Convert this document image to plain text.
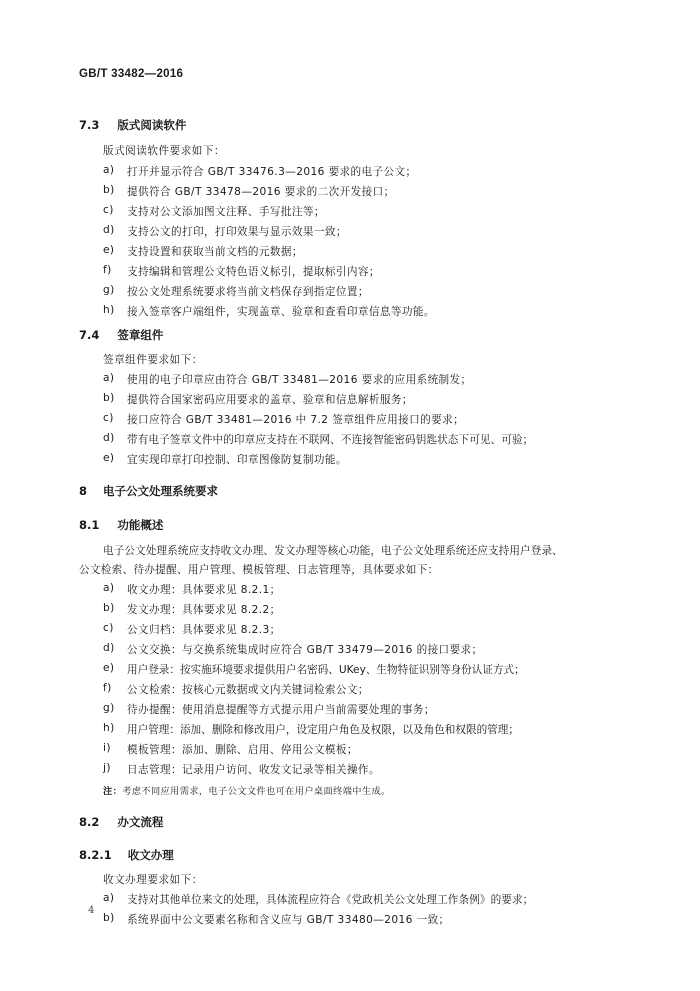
GB/T 33482—2016
7.3 版式阅读软件
版式阅读软件要求如下：
a) 打开并显示符合 GB/T 33476.3—2016 要求的电子公文；
b) 提供符合 GB/T 33478—2016 要求的二次开发接口；
c) 支持对公文添加图文注释、手写批注等；
d) 支持公文的打印，打印效果与显示效果一致；
e) 支持设置和获取当前文档的元数据；
f) 支持编辑和管理公文特色语义标引，提取标引内容；
g) 按公文处理系统要求将当前文档保存到指定位置；
h) 接入签章客户端组件，实现盖章、验章和查看印章信息等功能。
7.4 签章组件
签章组件要求如下：
a) 使用的电子印章应由符合 GB/T 33481—2016 要求的应用系统制发；
b) 提供符合国家密码应用要求的盖章、验章和信息解析服务；
c) 接口应符合 GB/T 33481—2016 中 7.2 签章组件应用接口的要求；
d) 带有电子签章文件中的印章应支持在不联网、不连接智能密码钥匙状态下可见、可验；
e) 宜实现印章打印控制、印章图像防复制功能。
8 电子公文处理系统要求
8.1 功能概述
电子公文处理系统应支持收文办理、发文办理等核心功能，电子公文处理系统还应支持用户登录、
公文检索、待办提醒、用户管理、模板管理、日志管理等，具体要求如下：
a) 收文办理：具体要求见 8.2.1；
b) 发文办理：具体要求见 8.2.2；
c) 公文归档：具体要求见 8.2.3；
d) 公文交换：与交换系统集成时应符合 GB/T 33479—2016 的接口要求；
e) 用户登录：按实施环境要求提供用户名密码、UKey、生物特征识别等身份认证方式；
f) 公文检索：按核心元数据或文内关键词检索公文；
g) 待办提醒：使用消息提醒等方式提示用户当前需要处理的事务；
h) 用户管理：添加、删除和修改用户，设定用户角色及权限，以及角色和权限的管理；
i) 模板管理：添加、删除、启用、停用公文模板；
j) 日志管理：记录用户访问、收发文记录等相关操作。
注：考虑不同应用需求，电子公文文件也可在用户桌面终端中生成。
8.2 办文流程
8.2.1 收文办理
收文办理要求如下：
a) 支持对其他单位来文的处理，具体流程应符合《党政机关公文处理工作条例》的要求；
b) 系统界面中公文要素名称和含义应与 GB/T 33480—2016 一致；
4
